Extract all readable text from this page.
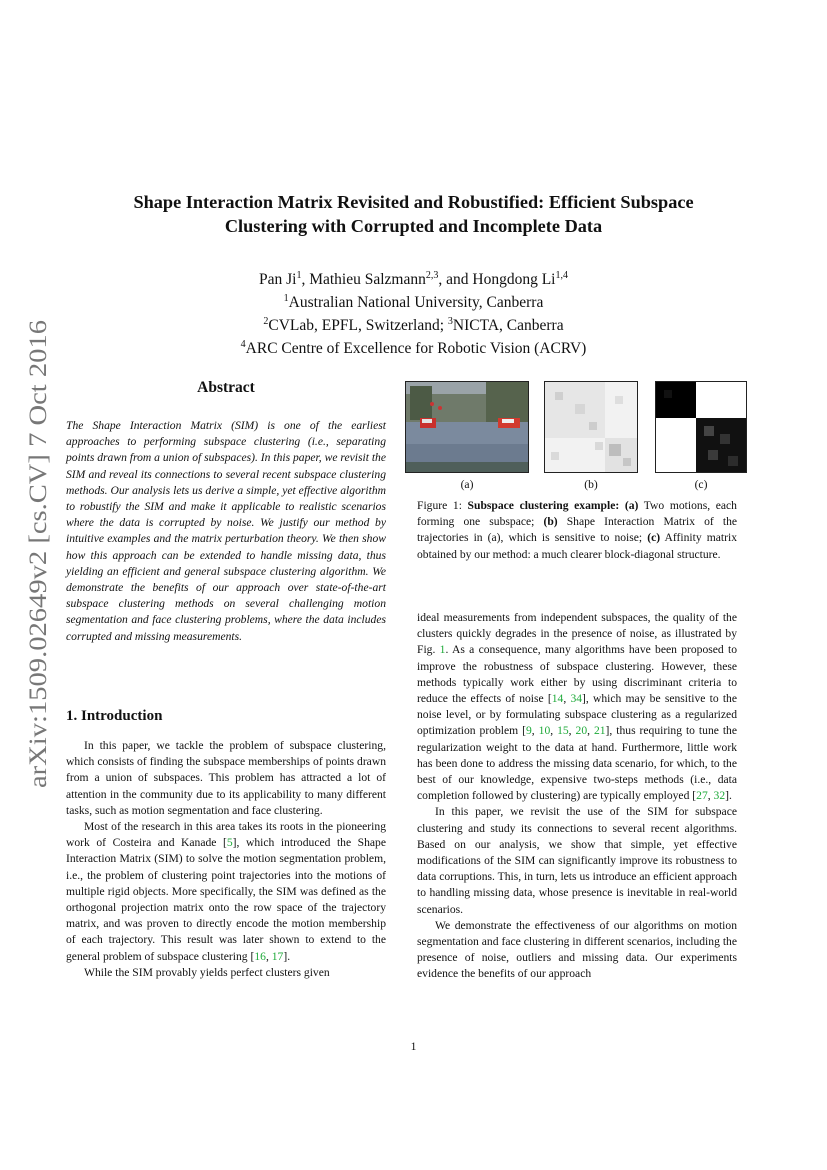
arXiv:1509.02649v2 [cs.CV] 7 Oct 2016
Shape Interaction Matrix Revisited and Robustified: Efficient Subspace
Clustering with Corrupted and Incomplete Data
Pan Ji$^1$, Mathieu Salzmann$^{2,3}$, and Hongdong Li$^{1,4}$
$^1$Australian National University, Canberra
$^2$CVLab, EPFL, Switzerland; $^3$NICTA, Canberra
$^4$ARC Centre of Excellence for Robotic Vision (ACRV)
Abstract
The Shape Interaction Matrix (SIM) is one of the earliest approaches to performing subspace clustering (i.e., separating points drawn from a union of subspaces). In this paper, we revisit the SIM and reveal its connections to several recent subspace clustering methods. Our analysis lets us derive a simple, yet effective algorithm to robustify the SIM and make it applicable to realistic scenarios where the data is corrupted by noise. We justify our method by intuitive examples and the matrix perturbation theory. We then show how this approach can be extended to handle missing data, thus yielding an efficient and general subspace clustering algorithm. We demonstrate the benefits of our approach over state-of-the-art subspace clustering methods on several challenging motion segmentation and face clustering problems, where the data includes corrupted and missing measurements.
1. Introduction

In this paper, we tackle the problem of subspace clustering, which consists of finding the subspace memberships of points drawn from a union of subspaces. This problem has attracted a lot of attention in the community due to its applicability to many different tasks, such as motion segmentation and face clustering.

Most of the research in this area takes its roots in the pioneering work of Costeira and Kanade [5], which introduced the Shape Interaction Matrix (SIM) to solve the motion segmentation problem, i.e., the problem of clustering point trajectories into the motions of multiple rigid objects. More specifically, the SIM was defined as the orthogonal projection matrix onto the row space of the trajectory matrix, and was proven to directly encode the motion membership of each trajectory. This result was later shown to extend to the general problem of subspace clustering [16, 17].

While the SIM provably yields perfect clusters given

(a)	(b)	(c)
Figure 1: Subspace clustering example: (a) Two motions, each forming one subspace; (b) Shape Interaction Matrix of the trajectories in (a), which is sensitive to noise; (c) Affinity matrix obtained by our method: a much clearer block-diagonal structure.

ideal measurements from independent subspaces, the quality of the clusters quickly degrades in the presence of noise, as illustrated by Fig. 1. As a consequence, many algorithms have been proposed to improve the robustness of subspace clustering. However, these methods typically work either by using discriminant criteria to reduce the effects of noise [14, 34], which may be sensitive to the noise level, or by formulating subspace clustering as a regularized optimization problem [9, 10, 15, 20, 21], thus requiring to tune the regularization weight to the data at hand. Furthermore, little work has been done to address the missing data scenario, for which, to the best of our knowledge, expensive two-steps methods (i.e., data completion followed by clustering) are typically employed [27, 32].

In this paper, we revisit the use of the SIM for subspace clustering and study its connections to several recent algorithms. Based on our analysis, we show that simple, yet effective modifications of the SIM can significantly improve its robustness to data corruptions. This, in turn, lets us introduce an efficient approach to handling missing data, whose presence is inevitable in real-world scenarios.

We demonstrate the effectiveness of our algorithms on motion segmentation and face clustering in different scenarios, including the presence of noise, outliers and missing data. Our experiments evidence the benefits of our approach

1
